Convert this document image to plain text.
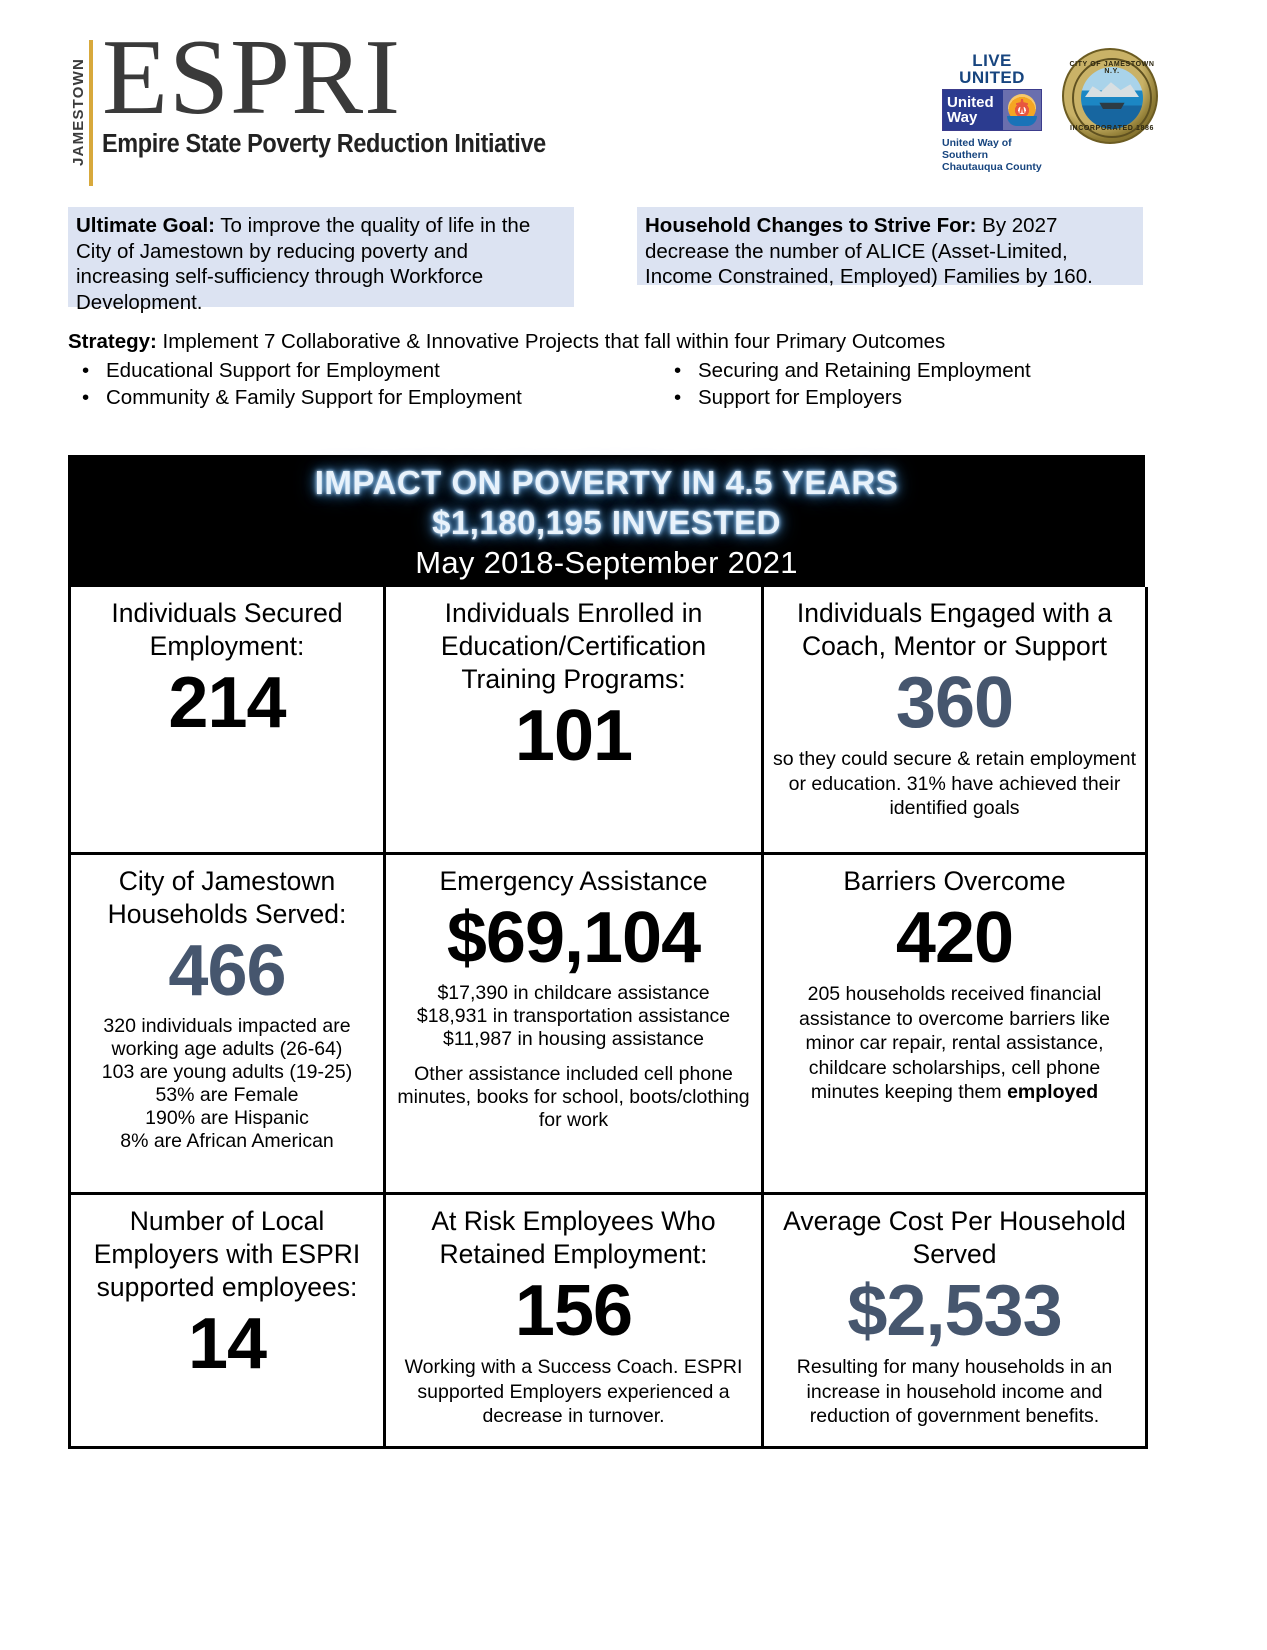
JAMESTOWN ESPRI
Empire State Poverty Reduction Initiative
LIVE UNITED
United
Way
United Way of Southern Chautauqua County
CITY OF JAMESTOWN N.Y.
INCORPORATED 1886
Ultimate Goal: To improve the quality of life in the City of Jamestown by reducing poverty and increasing self-sufficiency through Workforce Development.
Household Changes to Strive For: By 2027 decrease the number of ALICE (Asset-Limited, Income Constrained, Employed) Families by 160.
Strategy: Implement 7 Collaborative & Innovative Projects that fall within four Primary Outcomes
• Educational Support for Employment
• Community & Family Support for Employment
• Securing and Retaining Employment
• Support for Employers
IMPACT ON POVERTY IN 4.5 YEARS
$1,180,195 INVESTED
May 2018-September 2021
Individuals Secured Employment:
214
Individuals Enrolled in Education/Certification Training Programs:
101
Individuals Engaged with a Coach, Mentor or Support
360
so they could secure & retain employment or education. 31% have achieved their identified goals
City of Jamestown Households Served:
466

320 individuals impacted are

working age adults (26-64)

103 are young adults (19-25)

53% are Female

190% are Hispanic

8% are African American

Emergency Assistance
$69,104

$17,390 in childcare assistance

$18,931 in transportation assistance

$11,987 in housing assistance

Other assistance included cell phone minutes, books for school, boots/clothing for work

Barriers Overcome
420
205 households received financial assistance to overcome barriers like minor car repair, rental assistance, childcare scholarships, cell phone minutes keeping them employed
Number of Local Employers with ESPRI supported employees:
14
At Risk Employees Who Retained Employment:
156
Working with a Success Coach. ESPRI supported Employers experienced a decrease in turnover.
Average Cost Per Household Served
$2,533
Resulting for many households in an increase in household income and reduction of government benefits.
